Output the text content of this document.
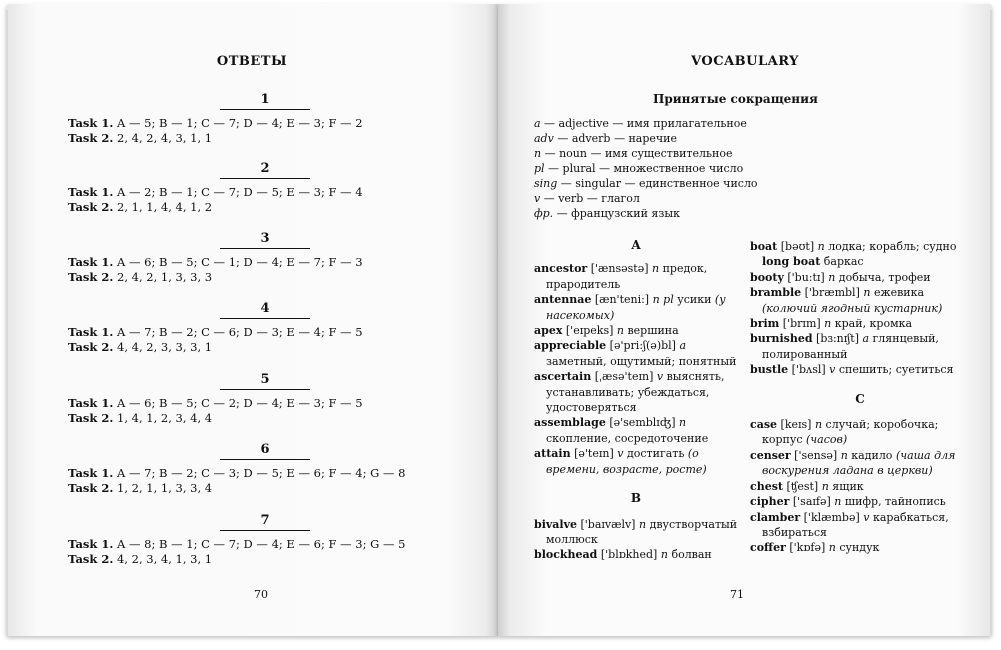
ОТВЕТЫ
1
Task 1. A — 5; B — 1; C — 7; D — 4; E — 3; F — 2
Task 2. 2, 4, 2, 4, 3, 1, 1
2
Task 1. A — 2; B — 1; C — 7; D — 5; E — 3; F — 4
Task 2. 2, 1, 1, 4, 4, 1, 2
3
Task 1. A — 6; B — 5; C — 1; D — 4; E — 7; F — 3
Task 2. 2, 4, 2, 1, 3, 3, 3
4
Task 1. A — 7; B — 2; C — 6; D — 3; E — 4; F — 5
Task 2. 4, 4, 2, 3, 3, 3, 1
5
Task 1. A — 6; B — 5; C — 2; D — 4; E — 3; F — 5
Task 2. 1, 4, 1, 2, 3, 4, 4
6
Task 1. A — 7; B — 2; C — 3; D — 5; E — 6; F — 4; G — 8
Task 2. 1, 2, 1, 1, 3, 3, 4
7
Task 1. A — 8; B — 1; C — 7; D — 4; E — 6; F — 3; G — 5
Task 2. 4, 2, 3, 4, 1, 3, 1
70
VOCABULARY
Принятые сокращения
a — adjective — имя прилагательное
adv — adverb — наречие
n — noun — имя существительное
pl — plural — множественное число
sing — singular — единственное число
v — verb — глагол
фр. — французский язык
A
ancestor ['ænsəstə] n предок, прародитель
antennae [æn'teni:] n pl усики (у насекомых)
apex ['eɪpeks] n вершина
appreciable [ə'pri:ʃ(ə)bl] a заметный, ощутимый; понятный
ascertain [ˌæsə'teɪn] v выяснять, устанавливать; убеждаться, удостоверяться
assemblage [ə'semblɪʤ] n скопление, сосредоточение
attain [ə'teɪn] v достигать (о времени, возрасте, росте)
B
bivalve ['baɪvælv] n двустворчатый моллюск
blockhead ['blɒkhed] n болван
boat [bəʊt] n лодка; корабль; судно
long boat баркас
booty ['bu:tɪ] n добыча, трофеи
bramble ['bræmbl] n ежевика (колючий ягодный кустарник)
brim ['brɪm] n край, кромка
burnished [bɜ:nɪʃt] a глянцевый, полированный
bustle ['bʌsl] v спешить; суетиться
C
case [keɪs] n случай; коробочка; корпус (часов)
censer ['sensə] n кадило (чаша для воскурения ладана в церкви)
chest [ʧest] n ящик
cipher ['saɪfə] n шифр, тайнопись
clamber ['klæmbə] v карабкаться, взбираться
coffer ['kɒfə] n сундук
71
